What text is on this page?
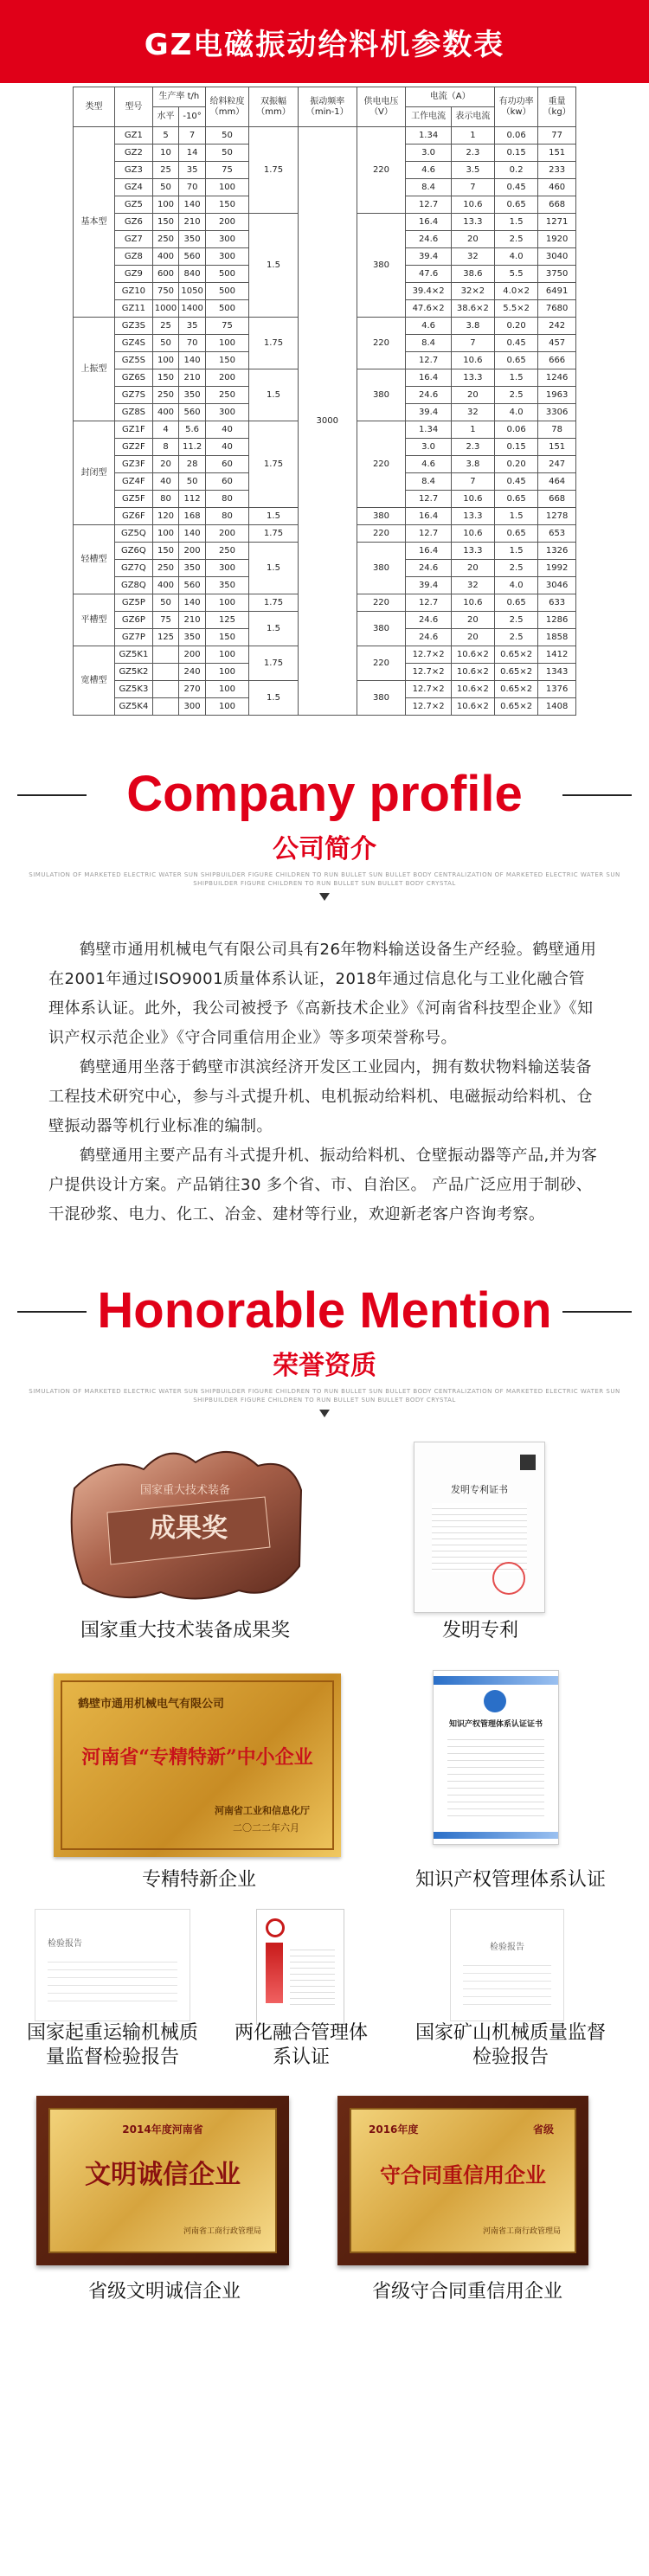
GZ电磁振动给料机参数表
类型	型号	生产率 t/h		给料粒度（mm）	双振幅（mm）	振动频率（min-1）	供电电压（V）	电流（A）		有功功率（kw）	重量（kg）
		水平	-10°					工作电流	表示电流		
基本型	GZ1	5	7	50	1.75	3000	220	1.34	1	0.06	77
	GZ2	10	14	50				3.0	2.3	0.15	151
	GZ3	25	35	75				4.6	3.5	0.2	233
	GZ4	50	70	100				8.4	7	0.45	460
	GZ5	100	140	150				12.7	10.6	0.65	668
	GZ6	150	210	200	1.5		380	16.4	13.3	1.5	1271
	GZ7	250	350	300				24.6	20	2.5	1920
	GZ8	400	560	300				39.4	32	4.0	3040
	GZ9	600	840	500				47.6	38.6	5.5	3750
	GZ10	750	1050	500				39.4×2	32×2	4.0×2	6491
	GZ11	1000	1400	500				47.6×2	38.6×2	5.5×2	7680
上振型	GZ3S	25	35	75	1.75		220	4.6	3.8	0.20	242
	GZ4S	50	70	100				8.4	7	0.45	457
	GZ5S	100	140	150				12.7	10.6	0.65	666
	GZ6S	150	210	200	1.5		380	16.4	13.3	1.5	1246
	GZ7S	250	350	250				24.6	20	2.5	1963
	GZ8S	400	560	300				39.4	32	4.0	3306
封闭型	GZ1F	4	5.6	40	1.75		220	1.34	1	0.06	78
	GZ2F	8	11.2	40				3.0	2.3	0.15	151
	GZ3F	20	28	60				4.6	3.8	0.20	247
	GZ4F	40	50	60				8.4	7	0.45	464
	GZ5F	80	112	80				12.7	10.6	0.65	668
	GZ6F	120	168	80	1.5		380	16.4	13.3	1.5	1278
轻槽型	GZ5Q	100	140	200	1.75		220	12.7	10.6	0.65	653
	GZ6Q	150	200	250	1.5		380	16.4	13.3	1.5	1326
	GZ7Q	250	350	300				24.6	20	2.5	1992
	GZ8Q	400	560	350				39.4	32	4.0	3046
平槽型	GZ5P	50	140	100	1.75		220	12.7	10.6	0.65	633
	GZ6P	75	210	125	1.5		380	24.6	20	2.5	1286
	GZ7P	125	350	150				24.6	20	2.5	1858
宽槽型	GZ5K1		200	100	1.75		220	12.7×2	10.6×2	0.65×2	1412
	GZ5K2		240	100				12.7×2	10.6×2	0.65×2	1343
	GZ5K3		270	100	1.5		380	12.7×2	10.6×2	0.65×2	1376
	GZ5K4		300	100				12.7×2	10.6×2	0.65×2	1408
Company profile
公司简介
SIMULATION OF MARKETED ELECTRIC WATER SUN SHIPBUILDER FIGURE CHILDREN TO RUN BULLET SUN BULLET BODY CENTRALIZATION OF MARKETED ELECTRIC WATER SUN SHIPBUILDER FIGURE CHILDREN TO RUN BULLET SUN BULLET BODY CRYSTAL

鹤壁市通用机械电气有限公司具有26年物料输送设备生产经验。鹤壁通用在2001年通过ISO9001质量体系认证，2018年通过信息化与工业化融合管理体系认证。此外，我公司被授予《高新技术企业》《河南省科技型企业》《知识产权示范企业》《守合同重信用企业》等多项荣誉称号。

鹤壁通用坐落于鹤壁市淇滨经济开发区工业园内，拥有数状物料输送装备工程技术研究中心，参与斗式提升机、电机振动给料机、电磁振动给料机、仓壁振动器等机行业标准的编制。

鹤壁通用主要产品有斗式提升机、振动给料机、仓壁振动器等产品,并为客户提供设计方案。产品销往30 多个省、市、自治区。 产品广泛应用于制砂、干混砂浆、电力、化工、冶金、建材等行业，欢迎新老客户咨询考察。

Honorable Mention
荣誉资质
SIMULATION OF MARKETED ELECTRIC WATER SUN SHIPBUILDER FIGURE CHILDREN TO RUN BULLET SUN BULLET BODY CENTRALIZATION OF MARKETED ELECTRIC WATER SUN SHIPBUILDER FIGURE CHILDREN TO RUN BULLET SUN BULLET BODY CRYSTAL
国家重大技术装备
成果奖
国家重大技术装备成果奖
发明专利证书
发明专利
鹤壁市通用机械电气有限公司
河南省“专精特新”中小企业
河南省工业和信息化厅
二〇二二年六月
专精特新企业
知识产权管理体系认证证书
知识产权管理体系认证
检验报告
国家起重运输机械质量监督检验报告
两化融合管理体系认证
检验报告
国家矿山机械质量监督检验报告
2014年度河南省
文明诚信企业
河南省工商行政管理局
省级文明诚信企业
2016年度	省级
守合同重信用企业
河南省工商行政管理局
省级守合同重信用企业
